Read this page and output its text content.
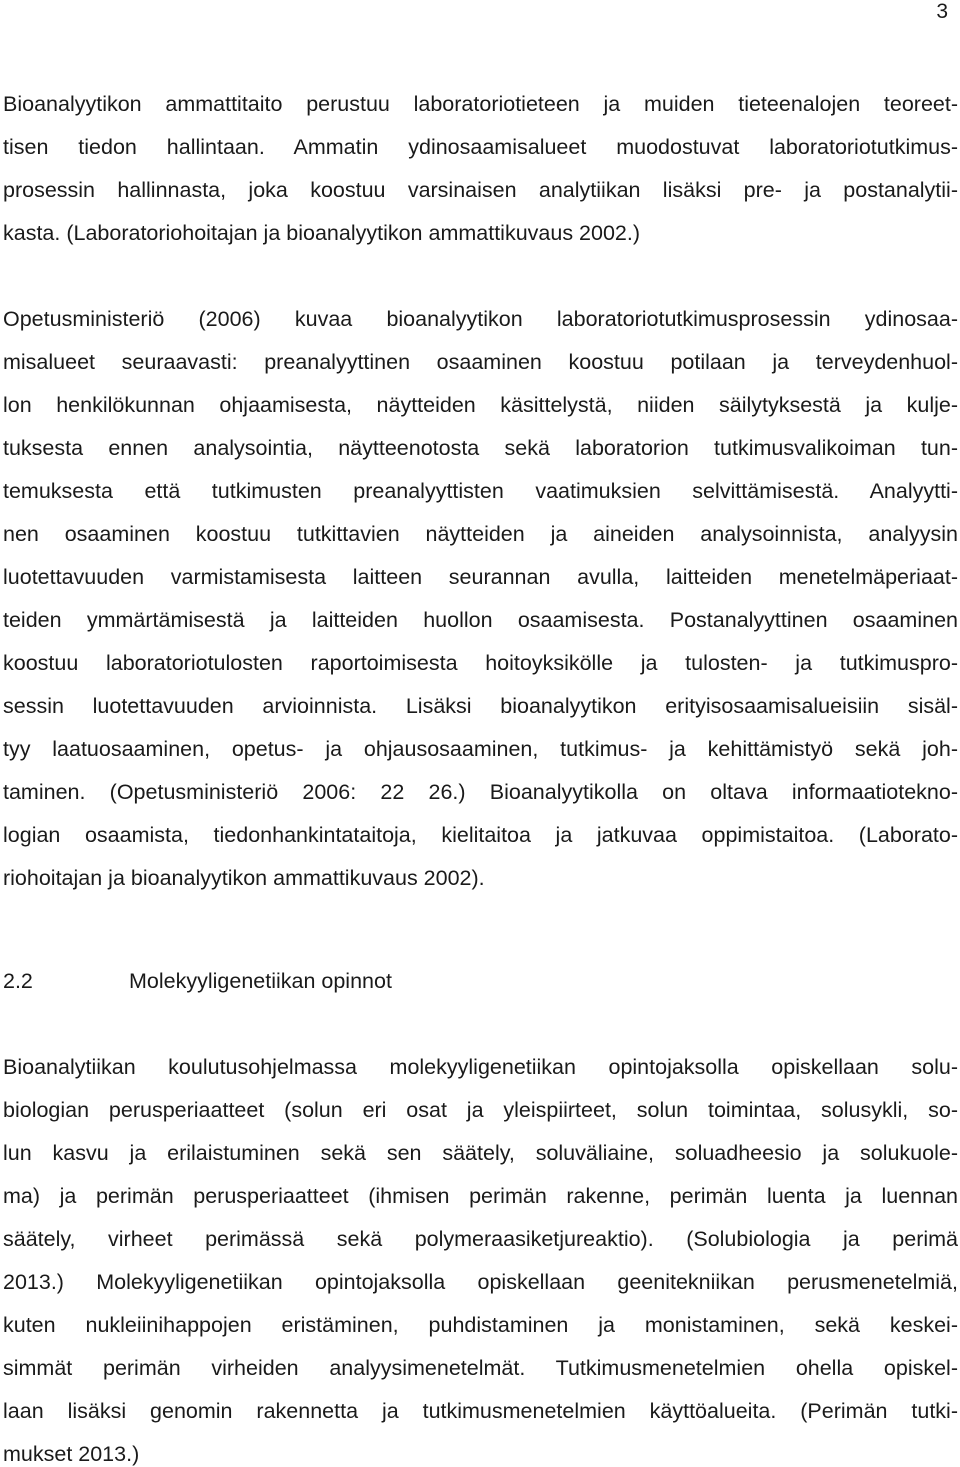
3

Bioanalyytikon ammattitaito perustuu laboratoriotieteen ja muiden tieteenalojen teoreet-

tisen tiedon hallintaan. Ammatin ydinosaamisalueet muodostuvat laboratoriotutkimus-

prosessin hallinnasta, joka koostuu varsinaisen analytiikan lisäksi pre- ja postanalytii-

kasta. (Laboratoriohoitajan ja bioanalyytikon ammattikuvaus 2002.)

Opetusministeriö (2006) kuvaa bioanalyytikon laboratoriotutkimusprosessin ydinosaa-

misalueet seuraavasti: preanalyyttinen osaaminen koostuu potilaan ja terveydenhuol-

lon henkilökunnan ohjaamisesta, näytteiden käsittelystä, niiden säilytyksestä ja kulje-

tuksesta ennen analysointia, näytteenotosta sekä laboratorion tutkimusvalikoiman tun-

temuksesta että tutkimusten preanalyyttisten vaatimuksien selvittämisestä. Analyytti-

nen osaaminen koostuu tutkittavien näytteiden ja aineiden analysoinnista, analyysin

luotettavuuden varmistamisesta laitteen seurannan avulla, laitteiden menetelmäperiaat-

teiden ymmärtämisestä ja laitteiden huollon osaamisesta. Postanalyyttinen osaaminen

koostuu laboratoriotulosten raportoimisesta hoitoyksikölle ja tulosten- ja tutkimuspro-

sessin luotettavuuden arvioinnista. Lisäksi bioanalyytikon erityisosaamisalueisiin sisäl-

tyy laatuosaaminen, opetus- ja ohjausosaaminen, tutkimus- ja kehittämistyö sekä joh-

taminen. (Opetusministeriö 2006: 22 26.) Bioanalyytikolla on oltava informaatiotekno-

logian osaamista, tiedonhankintataitoja, kielitaitoa ja jatkuvaa oppimistaitoa. (Laborato-

riohoitajan ja bioanalyytikon ammattikuvaus 2002).

2.2	Molekyyligenetiikan opinnot

Bioanalytiikan koulutusohjelmassa molekyyligenetiikan opintojaksolla opiskellaan solu-

biologian perusperiaatteet (solun eri osat ja yleispiirteet, solun toimintaa, solusykli, so-

lun kasvu ja erilaistuminen sekä sen säätely, soluväliaine, soluadheesio ja solukuole-

ma) ja perimän perusperiaatteet (ihmisen perimän rakenne, perimän luenta ja luennan

säätely, virheet perimässä sekä polymeraasiketjureaktio). (Solubiologia ja perimä

2013.) Molekyyligenetiikan opintojaksolla opiskellaan geenitekniikan perusmenetelmiä,

kuten nukleiinihappojen eristäminen, puhdistaminen ja monistaminen, sekä keskei-

simmät perimän virheiden analyysimenetelmät. Tutkimusmenetelmien ohella opiskel-

laan lisäksi genomin rakennetta ja tutkimusmenetelmien käyttöalueita. (Perimän tutki-

mukset 2013.)
